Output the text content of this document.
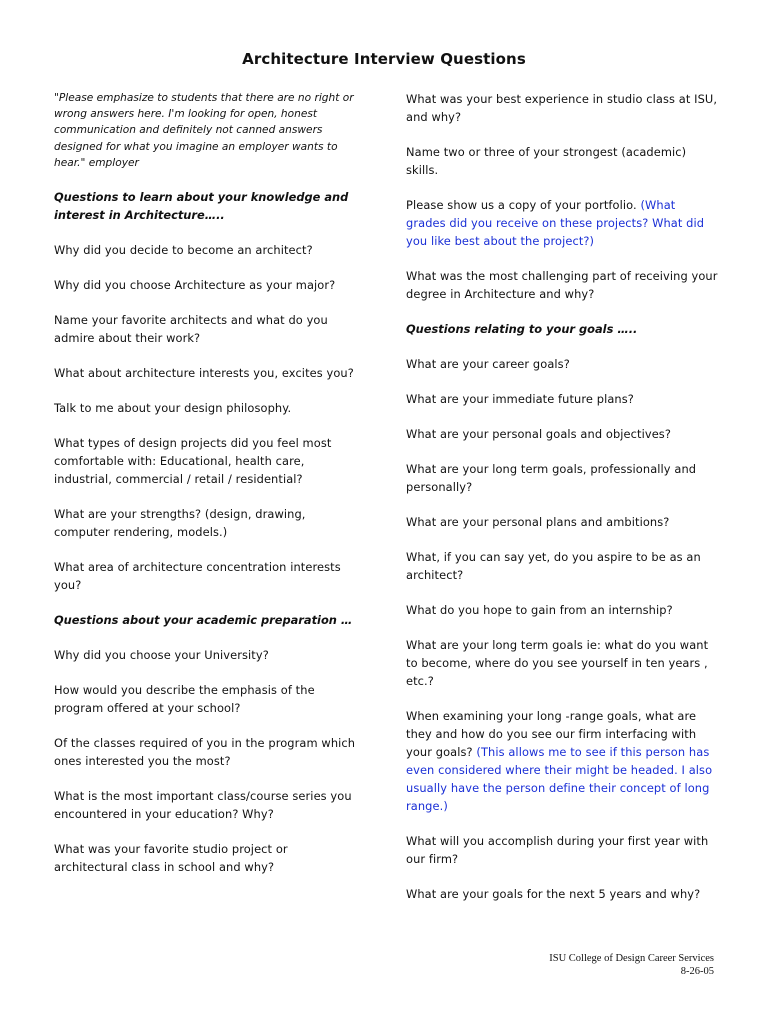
Architecture Interview Questions

"Please emphasize to students that there are no right or wrong answers here. I'm looking for open, honest communication and definitely not canned answers designed for what you imagine an employer wants to hear." employer

Questions to learn about your knowledge and interest in Architecture…..

Why did you decide to become an architect?

Why did you choose Architecture as your major?

Name your favorite architects and what do you admire about their work?

What about architecture interests you, excites you?

Talk to me about your design philosophy.

What types of design projects did you feel most comfortable with: Educational, health care, industrial, commercial / retail / residential?

What are your strengths? (design, drawing, computer rendering, models.)

What area of architecture concentration interests you?

Questions about your academic preparation …

Why did you choose your University?

How would you describe the emphasis of the program offered at your school?

Of the classes required of you in the program which ones interested you the most?

What is the most important class/course series you encountered in your education? Why?

What was your favorite studio project or architectural class in school and why?

What was your best experience in studio class at ISU, and why?

Name two or three of your strongest (academic) skills.

Please show us a copy of your portfolio. (What grades did you receive on these projects? What did you like best about the project?)

What was the most challenging part of receiving your degree in Architecture and why?

Questions relating to your goals …..

What are your career goals?

What are your immediate future plans?

What are your personal goals and objectives?

What are your long term goals, professionally and personally?

What are your personal plans and ambitions?

What, if you can say yet, do you aspire to be as an architect?

What do you hope to gain from an internship?

What are your long term goals ie: what do you want to become, where do you see yourself in ten years , etc.?

When examining your long -range goals, what are they and how do you see our firm interfacing with your goals? (This allows me to see if this person has even considered where their might be headed. I also usually have the person define their concept of long range.)

What will you accomplish during your first year with our firm?

What are your goals for the next 5 years and why?

ISU College of Design Career Services
8-26-05
